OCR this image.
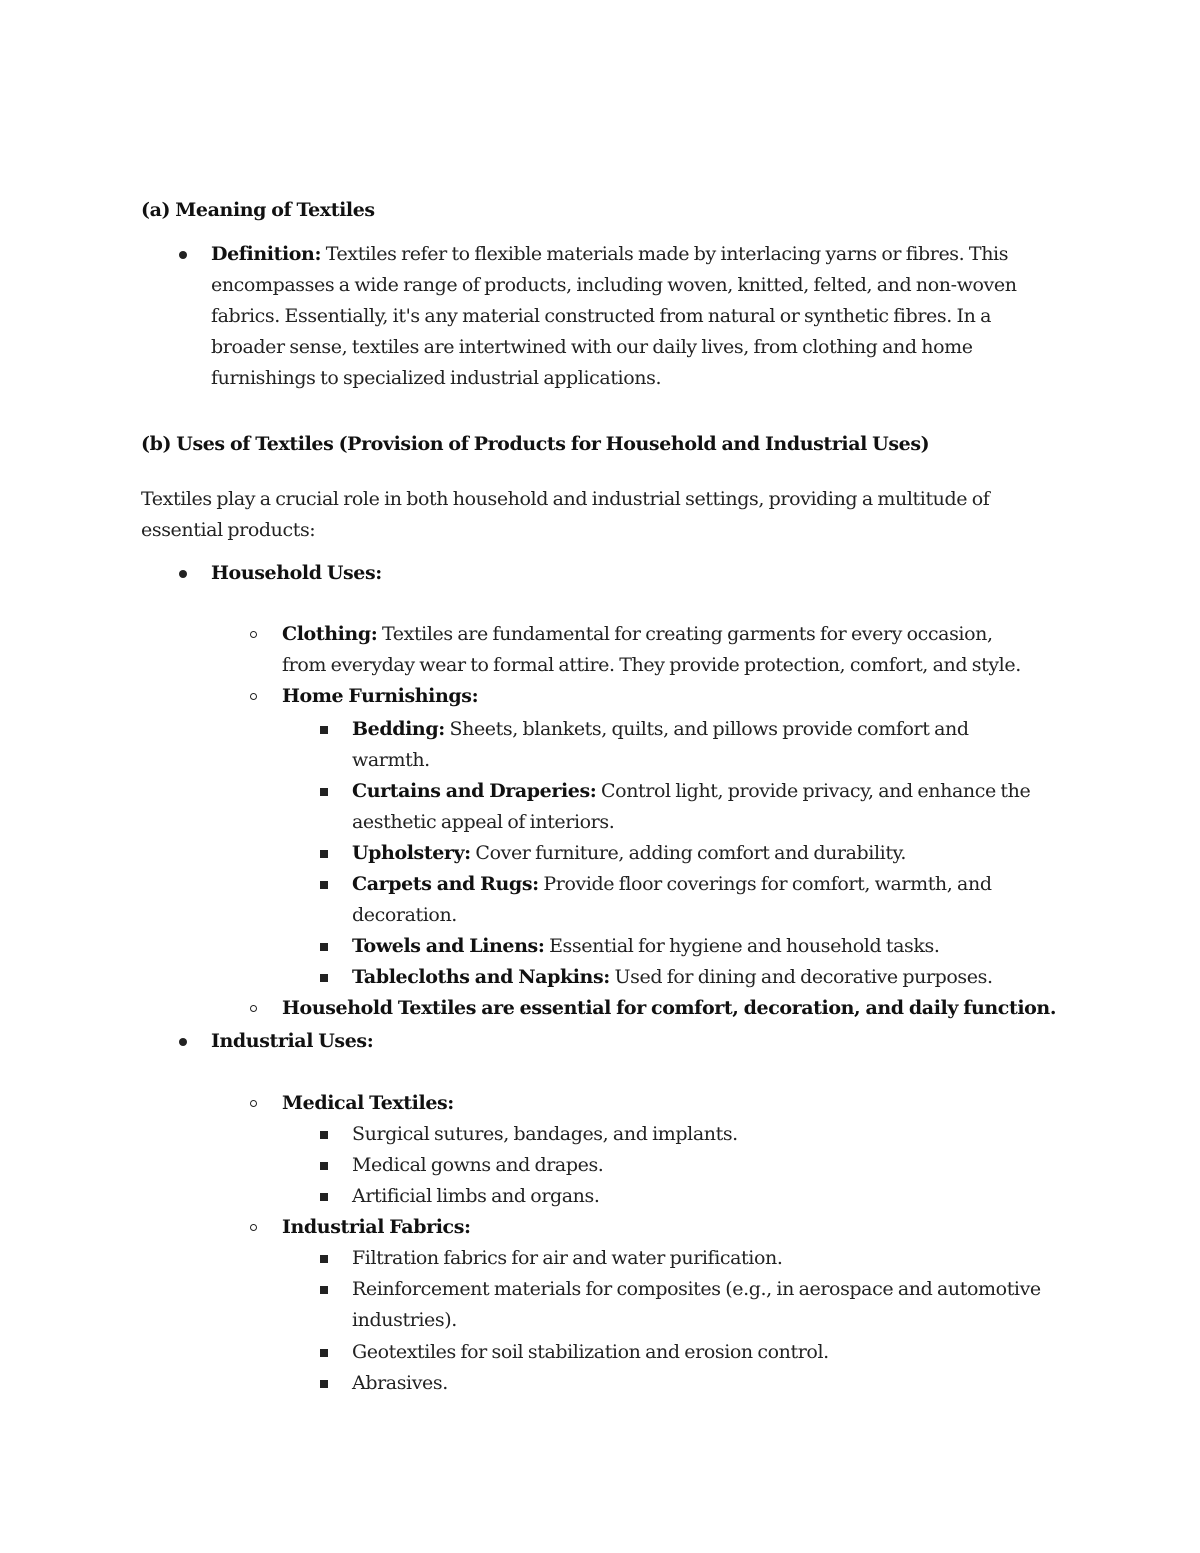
(a) Meaning of Textiles
Definition: Textiles refer to flexible materials made by interlacing yarns or fibres. This
encompasses a wide range of products, including woven, knitted, felted, and non-woven
fabrics. Essentially, it's any material constructed from natural or synthetic fibres. In a
broader sense, textiles are intertwined with our daily lives, from clothing and home
furnishings to specialized industrial applications.
(b) Uses of Textiles (Provision of Products for Household and Industrial Uses)
Textiles play a crucial role in both household and industrial settings, providing a multitude of
essential products:
Household Uses:
Clothing: Textiles are fundamental for creating garments for every occasion,
from everyday wear to formal attire. They provide protection, comfort, and style.
Home Furnishings:
Bedding: Sheets, blankets, quilts, and pillows provide comfort and
warmth.
Curtains and Draperies: Control light, provide privacy, and enhance the
aesthetic appeal of interiors.
Upholstery: Cover furniture, adding comfort and durability.
Carpets and Rugs: Provide floor coverings for comfort, warmth, and
decoration.
Towels and Linens: Essential for hygiene and household tasks.
Tablecloths and Napkins: Used for dining and decorative purposes.
Household Textiles are essential for comfort, decoration, and daily function.
Industrial Uses:
Medical Textiles:
Surgical sutures, bandages, and implants.
Medical gowns and drapes.
Artificial limbs and organs.
Industrial Fabrics:
Filtration fabrics for air and water purification.
Reinforcement materials for composites (e.g., in aerospace and automotive
industries).
Geotextiles for soil stabilization and erosion control.
Abrasives.
